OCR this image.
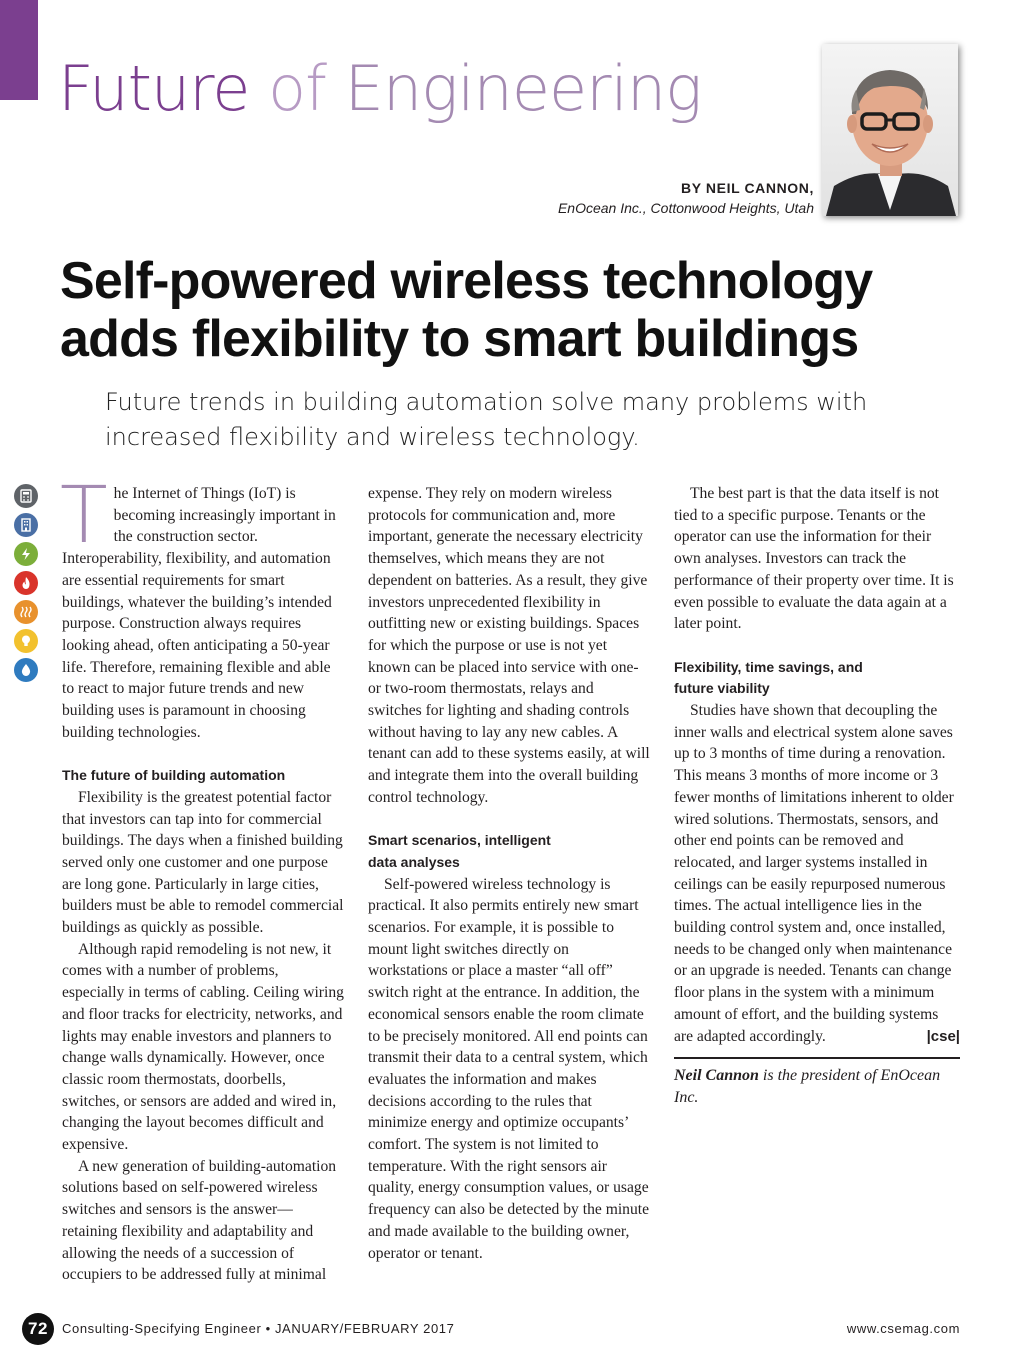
Future of Engineering
BY NEIL CANNON,
EnOcean Inc., Cottonwood Heights, Utah
Self-powered wireless technology
adds flexibility to smart buildings

Future trends in building automation solve many problems with
increased flexibility and wireless technology.

The Internet of Things (IoT) is becoming increasingly important in the construction sector. Interoperability, flexibility, and automation are essential requirements for smart buildings, whatever the building’s intended purpose. Construction always requires looking ahead, often anticipating a 50-year life. Therefore, remaining flexible and able to react to major future trends and new building uses is paramount in choosing building technologies.

The future of building automation

Flexibility is the greatest potential factor that investors can tap into for commercial buildings. The days when a finished building served only one customer and one purpose are long gone. Particularly in large cities, builders must be able to remodel commercial buildings as quickly as possible.

Although rapid remodeling is not new, it comes with a number of problems, especially in terms of cabling. Ceiling wiring and floor tracks for electricity, networks, and lights may enable investors and planners to change walls dynamically. However, once classic room thermostats, doorbells, switches, or sensors are added and wired in, changing the layout becomes difficult and expensive.

A new generation of building-automation solutions based on self-powered wireless switches and sensors is the answer—retaining flexibility and adaptability and allowing the needs of a succession of occupiers to be addressed fully at minimal

The best part is that the data itself is not tied to a specific purpose. Tenants or the operator can use the information for their own analyses. Investors can track the performance of their property over time. It is even possible to evaluate the data again at a later point.

Flexibility, time savings, and
future viability

Studies have shown that decoupling the inner walls and electrical system alone saves up to 3 months of time during a renovation. This means 3 months of more income or 3 fewer months of limitations inherent to older wired solutions. Thermostats, sensors, and other end points can be removed and relocated, and larger systems installed in ceilings can be easily repurposed numerous times. The actual intelligence lies in the building control system and, once installed, needs to be changed only when maintenance or an upgrade is needed. Tenants can change floor plans in the system with a minimum amount of effort, and the building systems are adapted accordingly.	|cse|

Neil Cannon is the president of EnOcean Inc.

expense. They rely on modern wireless protocols for communication and, more important, generate the necessary electricity themselves, which means they are not dependent on batteries. As a result, they give investors unprecedented flexibility in outfitting new or existing buildings. Spaces for which the purpose or use is not yet known can be placed into service with one- or two-room thermostats, relays and switches for lighting and shading controls without having to lay any new cables. A tenant can add to these systems easily, at will and integrate them into the overall building control technology.

Smart scenarios, intelligent
data analyses

Self-powered wireless technology is practical. It also permits entirely new smart scenarios. For example, it is possible to mount light switches directly on workstations or place a master “all off” switch right at the entrance. In addition, the economical sensors enable the room climate to be precisely monitored. All end points can transmit their data to a central system, which evaluates the information and makes decisions according to the rules that minimize energy and optimize occupants’ comfort. The system is not limited to temperature. With the right sensors air quality, energy consumption values, or usage frequency can also be detected by the minute and made available to the building owner, operator or tenant.

72	Consulting-Specifying Engineer • JANUARY/FEBRUARY 2017	www.csemag.com
